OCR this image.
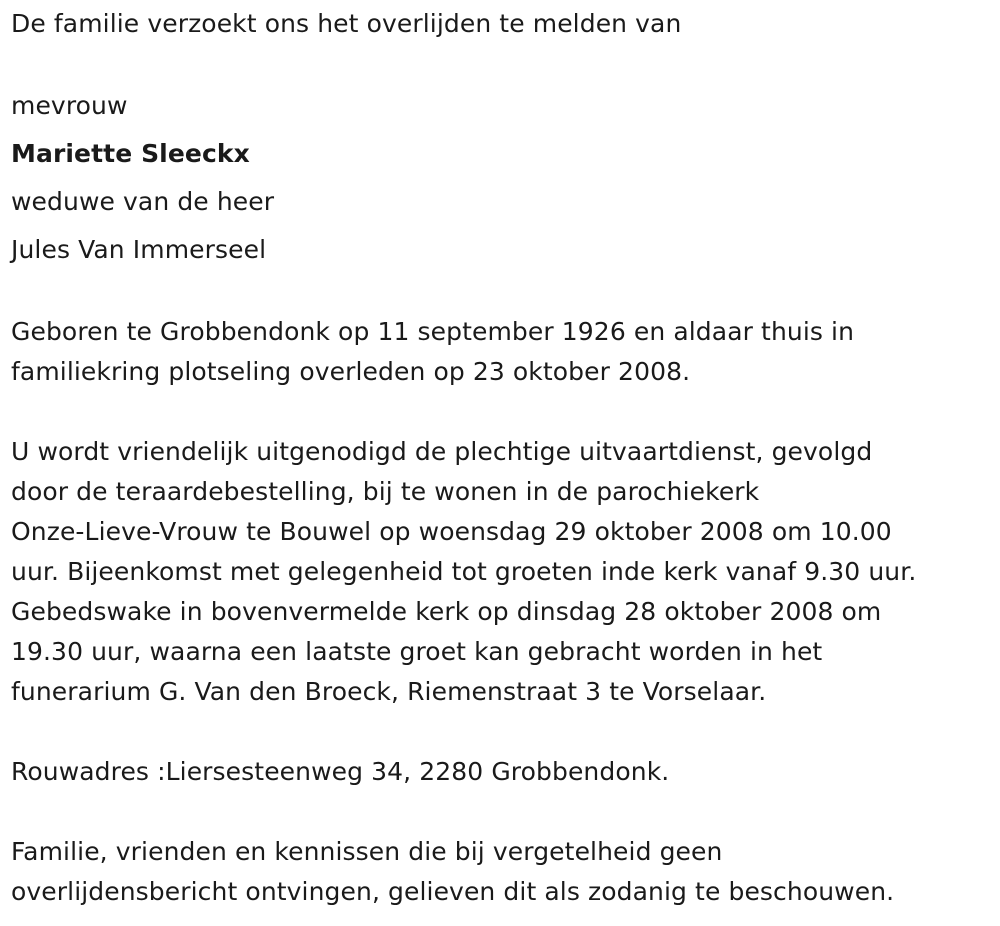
De familie verzoekt ons het overlijden te melden van
mevrouw
Mariette Sleeckx
weduwe van de heer
Jules Van Immerseel
Geboren te Grobbendonk op 11 september 1926 en aldaar thuis in
familiekring plotseling overleden op 23 oktober 2008.
U wordt vriendelijk uitgenodigd de plechtige uitvaartdienst, gevolgd
door de teraardebestelling, bij te wonen in de parochiekerk
Onze-Lieve-Vrouw te Bouwel op woensdag 29 oktober 2008 om 10.00
uur. Bijeenkomst met gelegenheid tot groeten inde kerk vanaf 9.30 uur.
Gebedswake in bovenvermelde kerk op dinsdag 28 oktober 2008 om
19.30 uur, waarna een laatste groet kan gebracht worden in het
funerarium G. Van den Broeck, Riemenstraat 3 te Vorselaar.
Rouwadres :Liersesteenweg 34, 2280 Grobbendonk.
Familie, vrienden en kennissen die bij vergetelheid geen
overlijdensbericht ontvingen, gelieven dit als zodanig te beschouwen.
